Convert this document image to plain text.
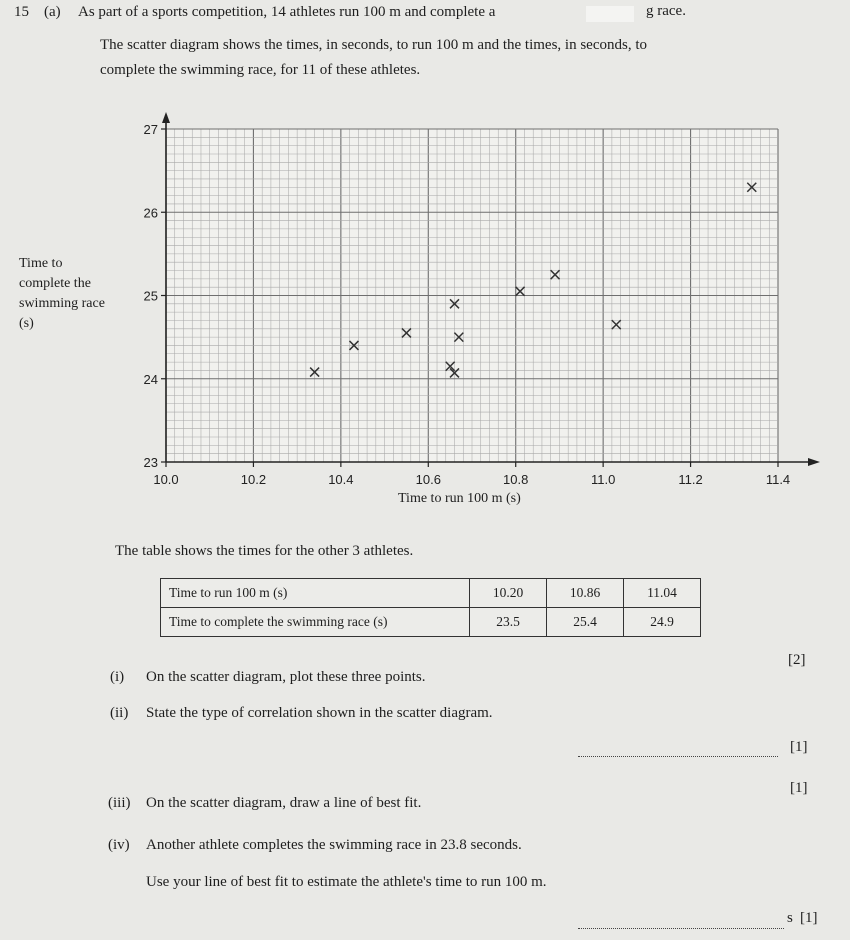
15 (a) As part of a sports competition, 14 athletes run 100 m and complete a	g race.
The scatter diagram shows the times, in seconds, to run 100 m and the times, in seconds, to
complete the swimming race, for 11 of these athletes.
Time to
complete the
swimming race
(s)
10.0	10.2	10.4	10.6	10.8	11.0	11.2	11.4
23
24
25
26
27
Time to run 100 m (s)
The table shows the times for the other 3 athletes.
Time to run 100 m (s)	10.20	10.86	11.04
Time to complete the swimming race (s)	23.5	25.4	24.9
(i) On the scatter diagram, plot these three points.
[2]
(ii) State the type of correlation shown in the scatter diagram.
[1]
(iii) On the scatter diagram, draw a line of best fit.
[1]
(iv) Another athlete completes the swimming race in 23.8 seconds.
Use your line of best fit to estimate the athlete's time to run 100 m.
s [1]
